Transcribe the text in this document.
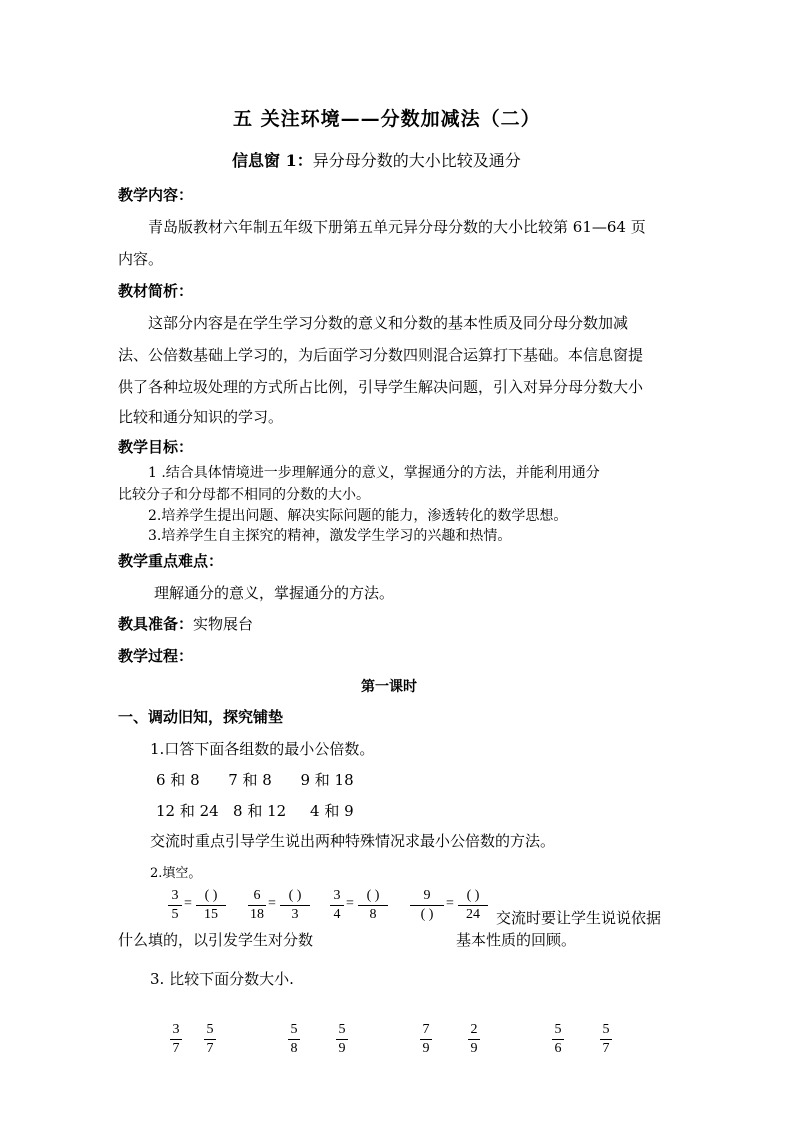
五 关注环境——分数加减法（二）
信息窗 1：异分母分数的大小比较及通分
教学内容：
青岛版教材六年制五年级下册第五单元异分母分数的大小比较第 61—64 页
内容。
教材简析：
这部分内容是在学生学习分数的意义和分数的基本性质及同分母分数加减
法、公倍数基础上学习的，为后面学习分数四则混合运算打下基础。本信息窗提
供了各种垃圾处理的方式所占比例，引导学生解决问题，引入对异分母分数大小
比较和通分知识的学习。
教学目标：
1 .结合具体情境进一步理解通分的意义，掌握通分的方法，并能利用通分
比较分子和分母都不相同的分数的大小。
2.培养学生提出问题、解决实际问题的能力，渗透转化的数学思想。
3.培养学生自主探究的精神，激发学生学习的兴趣和热情。
教学重点难点：
理解通分的意义，掌握通分的方法。
教具准备：实物展台
教学过程：
第一课时
一、调动旧知，探究铺垫
1.口答下面各组数的最小公倍数。
6 和 8      7 和 8      9 和 18
12 和 24   8 和 12     4 和 9
交流时重点引导学生说出两种特殊情况求最小公倍数的方法。
2.填空。
3
5
=
( )
15
6
18
=
( )
3
3
4
=
( )
8
9
( )
=
( )
24 交流时要让学生说说依据
什么填的，以引发学生对分数	基本性质的回顾。
3. 比较下面分数大小.
3
7
5
7
5
8
5
9
7
9
2
9
5
6
5
7
